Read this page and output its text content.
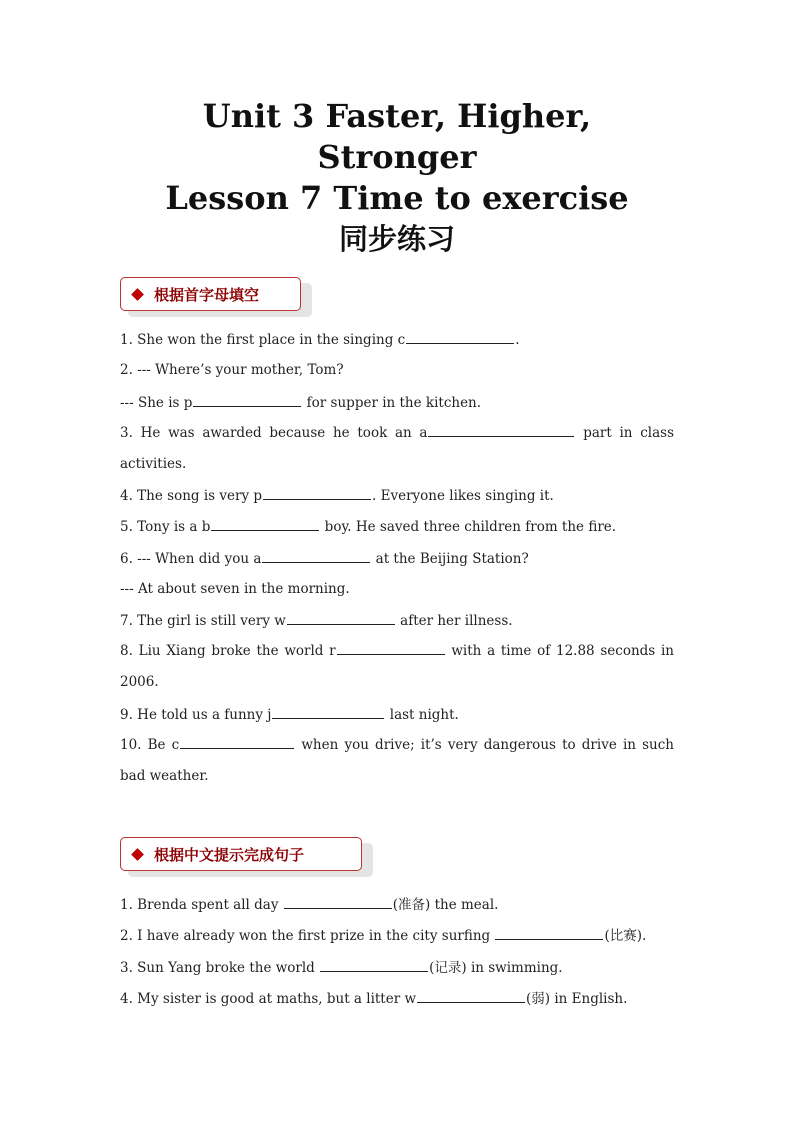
Unit 3 Faster, Higher,
Stronger
Lesson 7 Time to exercise
同步练习
根据首字母填空
1. She won the first place in the singing c	.
2. --- Where’s your mother, Tom?
--- She is p	for supper in the kitchen.
3. He was awarded because he took an a	part in class activities.
4. The song is very p	. Everyone likes singing it.
5. Tony is a b	boy. He saved three children from the fire.
6. --- When did you a	at the Beijing Station?
--- At about seven in the morning.
7. The girl is still very w	after her illness.
8. Liu Xiang broke the world r	with a time of 12.88 seconds in 2006.
9. He told us a funny j	last night.
10. Be c	when you drive; it’s very dangerous to drive in such bad weather.
根据中文提示完成句子
1. Brenda spent all day	(准备) the meal.
2. I have already won the first prize in the city surfing	(比赛).
3. Sun Yang broke the world	(记录) in swimming.
4. My sister is good at maths, but a litter w	(弱) in English.
